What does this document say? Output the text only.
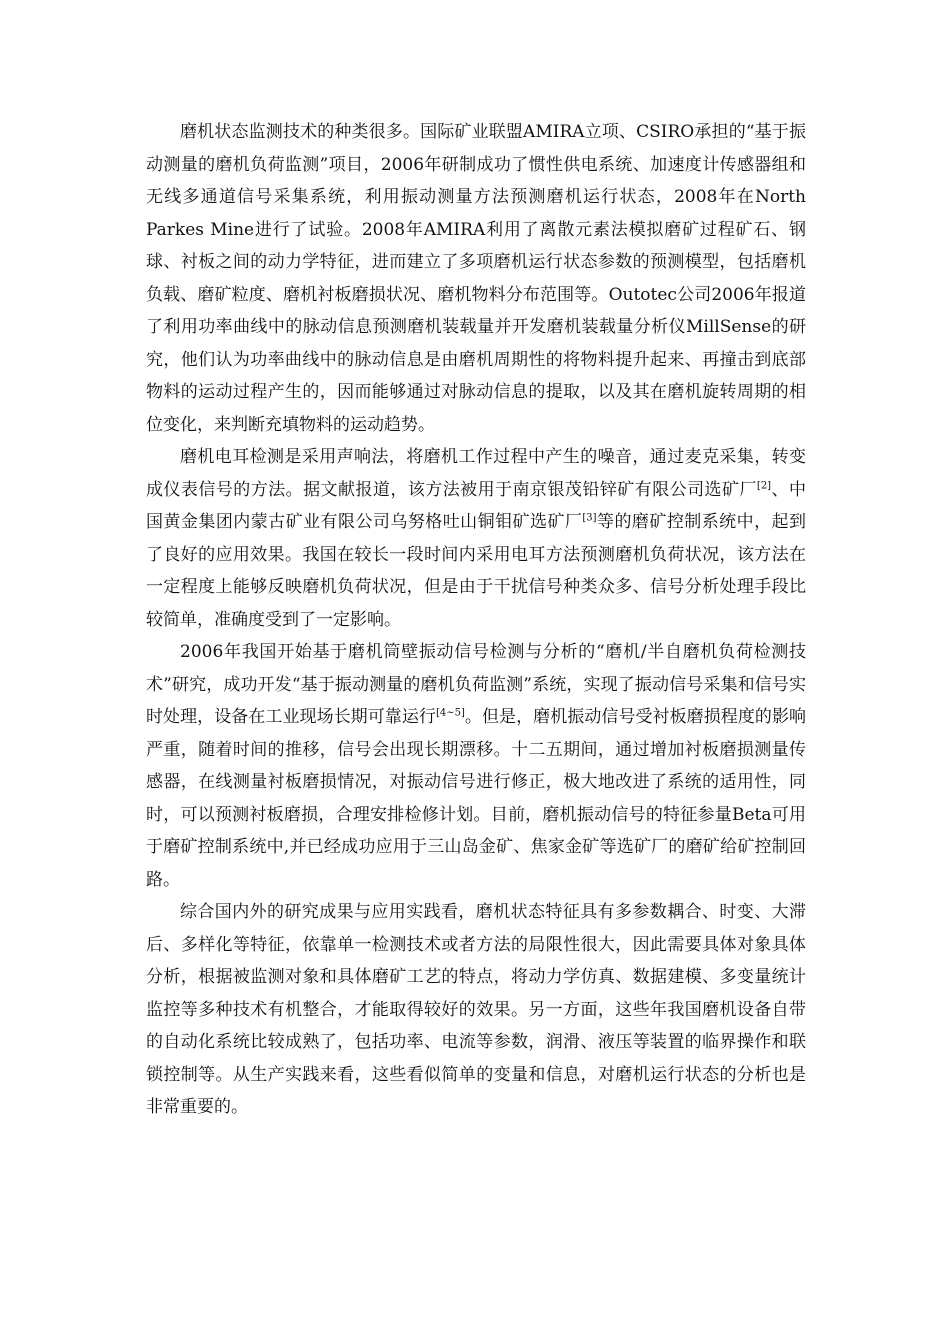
磨机状态监测技术的种类很多。国际矿业联盟AMIRA立项、CSIRO承担的“基于振动测量的磨机负荷监测”项目，2006年研制成功了惯性供电系统、加速度计传感器组和无线多通道信号采集系统，利用振动测量方法预测磨机运行状态，2008年在North Parkes Mine进行了试验。2008年AMIRA利用了离散元素法模拟磨矿过程矿石、钢球、衬板之间的动力学特征，进而建立了多项磨机运行状态参数的预测模型，包括磨机负载、磨矿粒度、磨机衬板磨损状况、磨机物料分布范围等。Outotec公司2006年报道了利用功率曲线中的脉动信息预测磨机装载量并开发磨机装载量分析仪MillSense的研究，他们认为功率曲线中的脉动信息是由磨机周期性的将物料提升起来、再撞击到底部物料的运动过程产生的，因而能够通过对脉动信息的提取，以及其在磨机旋转周期的相位变化，来判断充填物料的运动趋势。

磨机电耳检测是采用声响法，将磨机工作过程中产生的噪音，通过麦克采集，转变成仪表信号的方法。据文献报道，该方法被用于南京银茂铅锌矿有限公司选矿厂[2]、中国黄金集团内蒙古矿业有限公司乌努格吐山铜钼矿选矿厂[3]等的磨矿控制系统中，起到了良好的应用效果。我国在较长一段时间内采用电耳方法预测磨机负荷状况，该方法在一定程度上能够反映磨机负荷状况，但是由于干扰信号种类众多、信号分析处理手段比较简单，准确度受到了一定影响。

2006年我国开始基于磨机筒壁振动信号检测与分析的“磨机/半自磨机负荷检测技术”研究，成功开发“基于振动测量的磨机负荷监测”系统，实现了振动信号采集和信号实时处理，设备在工业现场长期可靠运行[4~5]。但是，磨机振动信号受衬板磨损程度的影响严重，随着时间的推移，信号会出现长期漂移。十二五期间，通过增加衬板磨损测量传感器，在线测量衬板磨损情况，对振动信号进行修正，极大地改进了系统的适用性，同时，可以预测衬板磨损，合理安排检修计划。目前，磨机振动信号的特征参量Beta可用于磨矿控制系统中,并已经成功应用于三山岛金矿、焦家金矿等选矿厂的磨矿给矿控制回路。

综合国内外的研究成果与应用实践看，磨机状态特征具有多参数耦合、时变、大滞后、多样化等特征，依靠单一检测技术或者方法的局限性很大，因此需要具体对象具体分析，根据被监测对象和具体磨矿工艺的特点，将动力学仿真、数据建模、多变量统计监控等多种技术有机整合，才能取得较好的效果。另一方面，这些年我国磨机设备自带的自动化系统比较成熟了，包括功率、电流等参数，润滑、液压等装置的临界操作和联锁控制等。从生产实践来看，这些看似简单的变量和信息，对磨机运行状态的分析也是非常重要的。
